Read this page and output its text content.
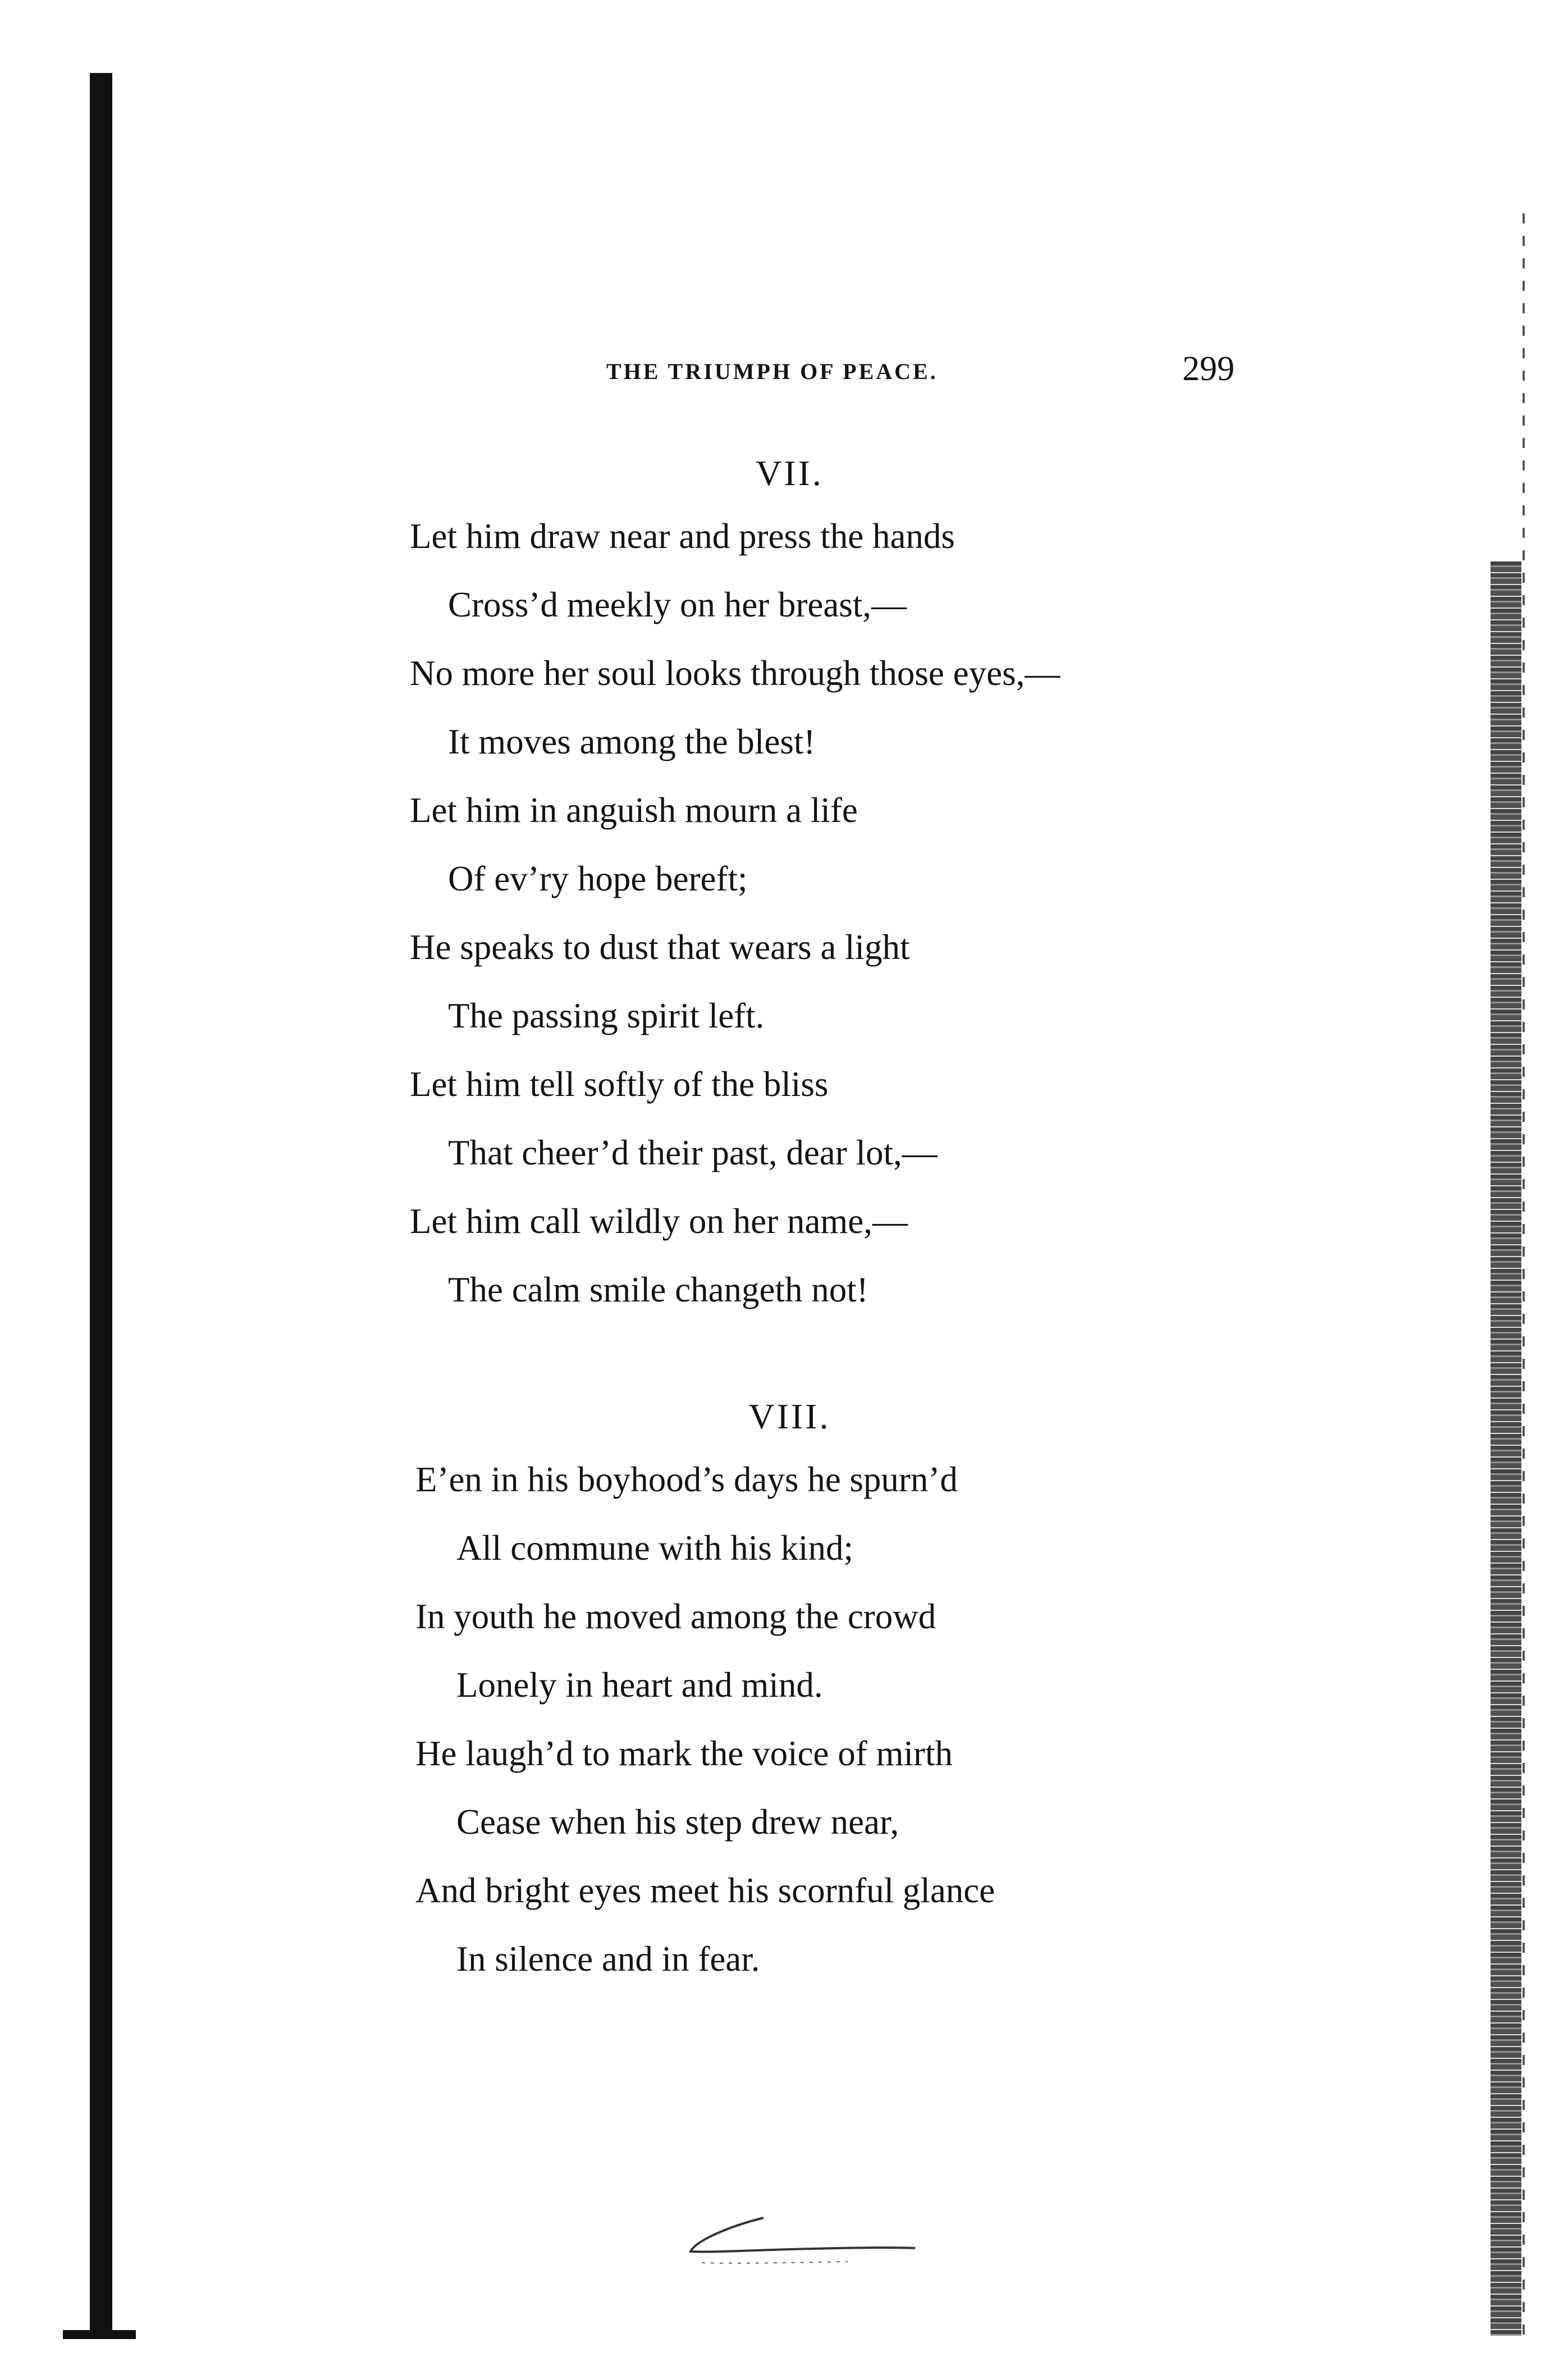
THE TRIUMPH OF PEACE.	299
VII.
Let him draw near and press the hands
Cross’d meekly on her breast,—
No more her soul looks through those eyes,—
It moves among the blest!
Let him in anguish mourn a life
Of ev’ry hope bereft;
He speaks to dust that wears a light
The passing spirit left.
Let him tell softly of the bliss
That cheer’d their past, dear lot,—
Let him call wildly on her name,—
The calm smile changeth not!
VIII.
E’en in his boyhood’s days he spurn’d
All commune with his kind;
In youth he moved among the crowd
Lonely in heart and mind.
He laugh’d to mark the voice of mirth
Cease when his step drew near,
And bright eyes meet his scornful glance
In silence and in fear.
